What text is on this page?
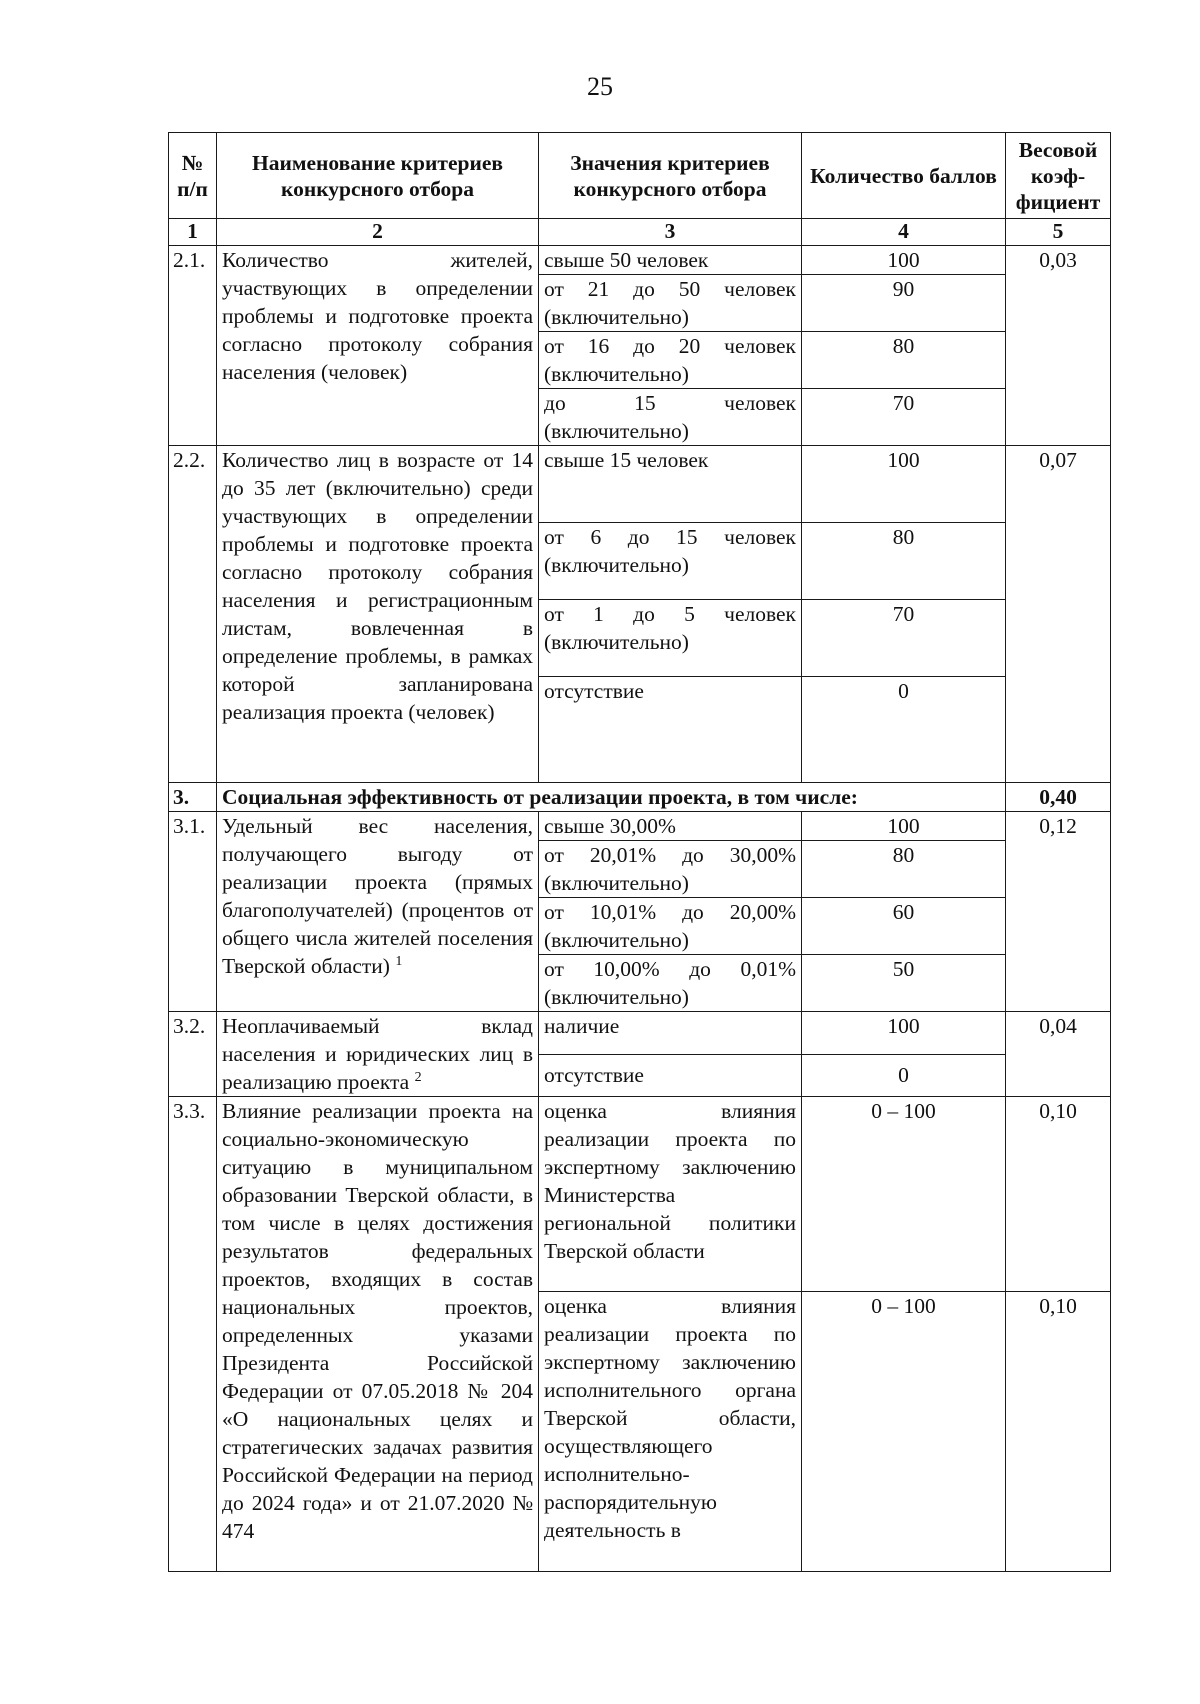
25
№ п/п	Наименование критериев конкурсного отбора	Значения критериев конкурсного отбора	Количество баллов	Весовой коэф-фициент
1	2	3	4	5
2.1.	Количество жителей, участвующих в определении проблемы и подготовке проекта согласно протоколу собрания населения (человек)	свыше 50 человек	100	0,03
		от 21 до 50 человек (включительно)	90	
		от 16 до 20 человек (включительно)	80	
		до 15 человек (включительно)	70	
2.2.	Количество лиц в возрасте от 14 до 35 лет (включительно) среди участвующих в определении проблемы и подготовке проекта согласно протоколу собрания населения и регистрационным листам, вовлеченная в определение проблемы, в рамках которой запланирована реализация проекта (человек)	свыше 15 человек	100	0,07
		от 6 до 15 человек (включительно)	80	
		от 1 до 5 человек (включительно)	70	
		отсутствие	0	
3.	Социальная эффективность от реализации проекта, в том числе:			0,40
3.1.	Удельный вес населения, получающего выгоду от реализации проекта (прямых благополучателей) (процентов от общего числа жителей поселения Тверской области) $^1$	свыше 30,00%	100	0,12
		от 20,01% до 30,00% (включительно)	80	
		от 10,01% до 20,00% (включительно)	60	
		от 10,00% до 0,01% (включительно)	50	
3.2.	Неоплачиваемый вклад населения и юридических лиц в реализацию проекта $^2$	наличие	100	0,04
		отсутствие	0	
3.3.	Влияние реализации проекта на социально-экономическую ситуацию в муниципальном образовании Тверской области, в том числе в целях достижения результатов федеральных проектов, входящих в состав национальных проектов, определенных указами Президента Российской Федерации от 07.05.2018 № 204 «О национальных целях и стратегических задачах развития Российской Федерации на период до 2024 года» и от 21.07.2020 № 474	оценка влияния реализации проекта по экспертному заключению Министерства региональной политики Тверской области	0 – 100	0,10
		оценка влияния реализации проекта по экспертному заключению исполнительного органа Тверской области, осуществляющего исполнительно-распорядительную деятельность в	0 – 100	0,10
